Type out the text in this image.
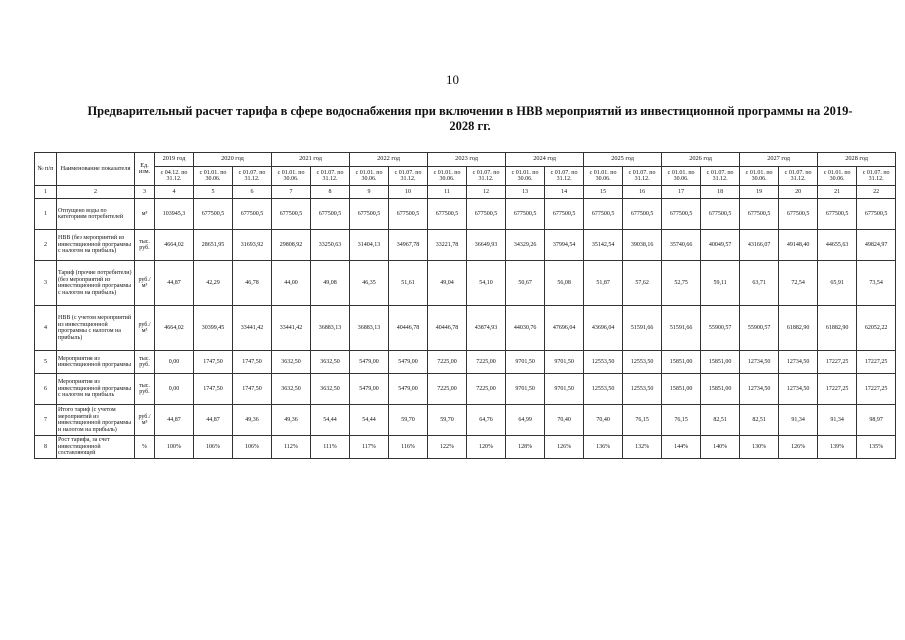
10
Предварительный расчет тарифа в сфере водоснабжения при включении в НВВ мероприятий из инвестиционной программы на 2019-2028 гг.
№ п/п	Наименование показателя	Ед. изм.	2019 год	2020 год		2021 год		2022 год		2023 год		2024 год		2025 год		2026 год		2027 год		2028 год	
			с 04.12. по 31.12.	с 01.01. по 30.06.	с 01.07. по 31.12.	с 01.01. по 30.06.	с 01.07. по 31.12.	с 01.01. по 30.06.	с 01.07. по 31.12.	с 01.01. по 30.06.	с 01.07. по 31.12.	с 01.01. по 30.06.	с 01.07. по 31.12.	с 01.01. по 30.06.	с 01.07. по 31.12.	с 01.01. по 30.06.	с 01.07. по 31.12.	с 01.01. по 30.06.	с 01.07. по 31.12.	с 01.01. по 30.06.	с 01.07. по 31.12.
1	2	3	4	5	6	7	8	9	10	11	12	13	14	15	16	17	18	19	20	21	22
1	Отпущено воды по категориям потребителей	м³	103945,3	677500,5	677500,5	677500,5	677500,5	677500,5	677500,5	677500,5	677500,5	677500,5	677500,5	677500,5	677500,5	677500,5	677500,5	677500,5	677500,5	677500,5	677500,5
2	НВВ (без мероприятий из инвестиционной программы с налогом на прибыль)	тыс. руб.	4664,02	28651,95	31693,92	29808,92	33250,63	31404,13	34967,78	33221,78	36649,93	34329,26	37994,54	35142,54	39038,16	35740,66	40049,57	43166,07	49148,40	44655,63	49824,97
3	Тариф (прочие потребители) (без мероприятий из инвестиционной программы с налогом на прибыль)	руб./м³	44,87	42,29	46,78	44,00	49,08	46,35	51,61	49,04	54,10	50,67	56,08	51,87	57,62	52,75	59,11	63,71	72,54	65,91	73,54
4	НВВ (с учетом мероприятий из инвестиционной программы с налогом на прибыль)	руб./м³	4664,02	30399,45	33441,42	33441,42	36883,13	36883,13	40446,78	40446,78	43874,93	44030,76	47696,04	43696,04	51591,66	51591,66	55900,57	55900,57	61882,90	61882,90	62052,22
5	Мероприятия из инвестиционной программы	тыс. руб.	0,00	1747,50	1747,50	3632,50	3632,50	5479,00	5479,00	7225,00	7225,00	9701,50	9701,50	12553,50	12553,50	15851,00	15851,00	12734,50	12734,50	17227,25	17227,25
6	Мероприятия из инвестиционной программы с налогом на прибыль	тыс. руб.	0,00	1747,50	1747,50	3632,50	3632,50	5479,00	5479,00	7225,00	7225,00	9701,50	9701,50	12553,50	12553,50	15851,00	15851,00	12734,50	12734,50	17227,25	17227,25
7	Итого тариф (с учетом мероприятий из инвестиционной программы и налогом на прибыль)	руб./м³	44,87	44,87	49,36	49,36	54,44	54,44	59,70	59,70	64,76	64,99	70,40	70,40	76,15	76,15	82,51	82,51	91,34	91,34	98,97
8	Рост тарифа, за счет инвестиционной составляющей	%	100%	106%	106%	112%	111%	117%	116%	122%	120%	128%	126%	136%	132%	144%	140%	130%	126%	139%	135%
